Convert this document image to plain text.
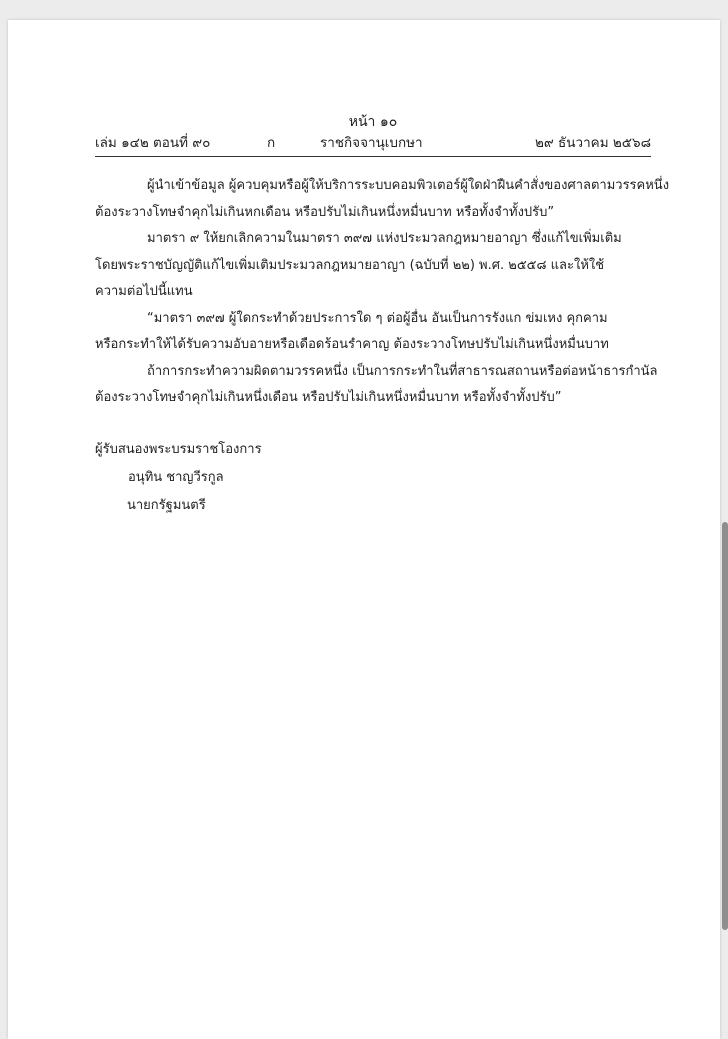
หน้า ๑๐
เล่ม ๑๔๒ ตอนที่ ๙๐	ก	ราชกิจจานุเบกษา	๒๙ ธันวาคม ๒๕๖๘

ผู้นำเข้าข้อมูล ผู้ควบคุมหรือผู้ให้บริการระบบคอมพิวเตอร์ผู้ใดฝ่าฝืนคำสั่งของศาลตามวรรคหนึ่ง

ต้องระวางโทษจำคุกไม่เกินหกเดือน หรือปรับไม่เกินหนึ่งหมื่นบาท หรือทั้งจำทั้งปรับ”

มาตรา ๙ ให้ยกเลิกความในมาตรา ๓๙๗ แห่งประมวลกฎหมายอาญา ซึ่งแก้ไขเพิ่มเติม

โดยพระราชบัญญัติแก้ไขเพิ่มเติมประมวลกฎหมายอาญา (ฉบับที่ ๒๒) พ.ศ. ๒๕๕๘ และให้ใช้

ความต่อไปนี้แทน

“มาตรา ๓๙๗ ผู้ใดกระทำด้วยประการใด ๆ ต่อผู้อื่น อันเป็นการรังแก ข่มเหง คุกคาม

หรือกระทำให้ได้รับความอับอายหรือเดือดร้อนรำคาญ ต้องระวางโทษปรับไม่เกินหนึ่งหมื่นบาท

ถ้าการกระทำความผิดตามวรรคหนึ่ง เป็นการกระทำในที่สาธารณสถานหรือต่อหน้าธารกำนัล

ต้องระวางโทษจำคุกไม่เกินหนึ่งเดือน หรือปรับไม่เกินหนึ่งหมื่นบาท หรือทั้งจำทั้งปรับ”

ผู้รับสนองพระบรมราชโองการ
อนุทิน ชาญวีรกูล
นายกรัฐมนตรี
